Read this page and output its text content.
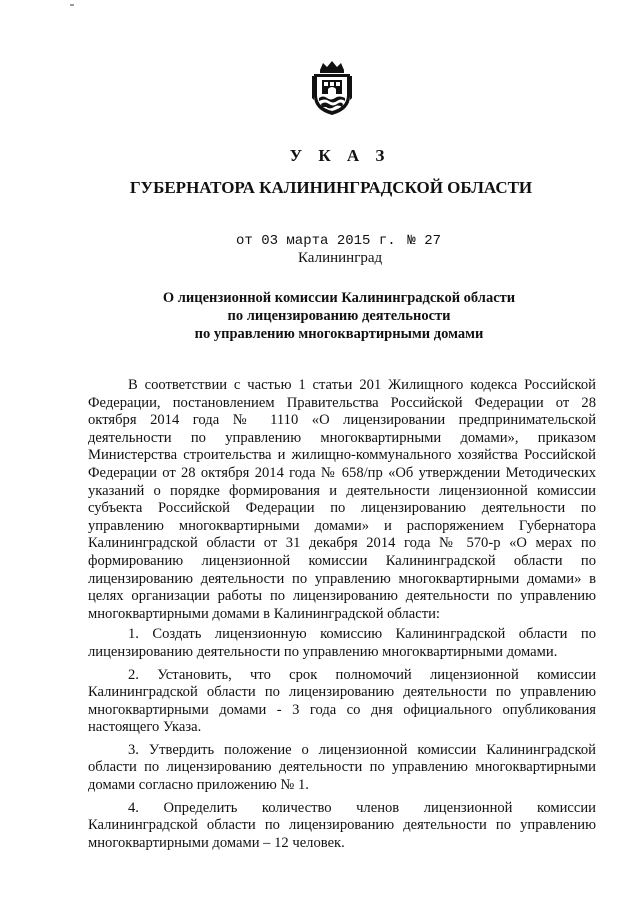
У К А З
ГУБЕРНАТОРА КАЛИНИНГРАДСКОЙ ОБЛАСТИ
от 03 марта 2015 г. № 27
Калининград
О лицензионной комиссии Калининградской области
по лицензированию деятельности
по управлению многоквартирными домами

В соответствии с частью 1 статьи 201 Жилищного кодекса Российской Федерации, постановлением Правительства Российской Федерации от 28 октября 2014 года № 1110 «О лицензировании предпринимательской деятельности по управлению многоквартирными домами», приказом Министерства строительства и жилищно-коммунального хозяйства Российской Федерации от 28 октября 2014 года № 658/пр «Об утверждении Методических указаний о порядке формирования и деятельности лицензионной комиссии субъекта Российской Федерации по лицензированию деятельности по управлению многоквартирными домами» и распоряжением Губернатора Калининградской области от 31 декабря 2014 года № 570-р «О мерах по формированию лицензионной комиссии Калининградской области по лицензированию деятельности по управлению многоквартирными домами» в целях организации работы по лицензированию деятельности по управлению многоквартирными домами в Калининградской области:

1. Создать лицензионную комиссию Калининградской области по лицензированию деятельности по управлению многоквартирными домами.

2. Установить, что срок полномочий лицензионной комиссии Калининградской области по лицензированию деятельности по управлению многоквартирными домами - 3 года со дня официального опубликования настоящего Указа.

3. Утвердить положение о лицензионной комиссии Калининградской области по лицензированию деятельности по управлению многоквартирными домами согласно приложению № 1.

4. Определить количество членов лицензионной комиссии Калининградской области по лицензированию деятельности по управлению многоквартирными домами – 12 человек.
